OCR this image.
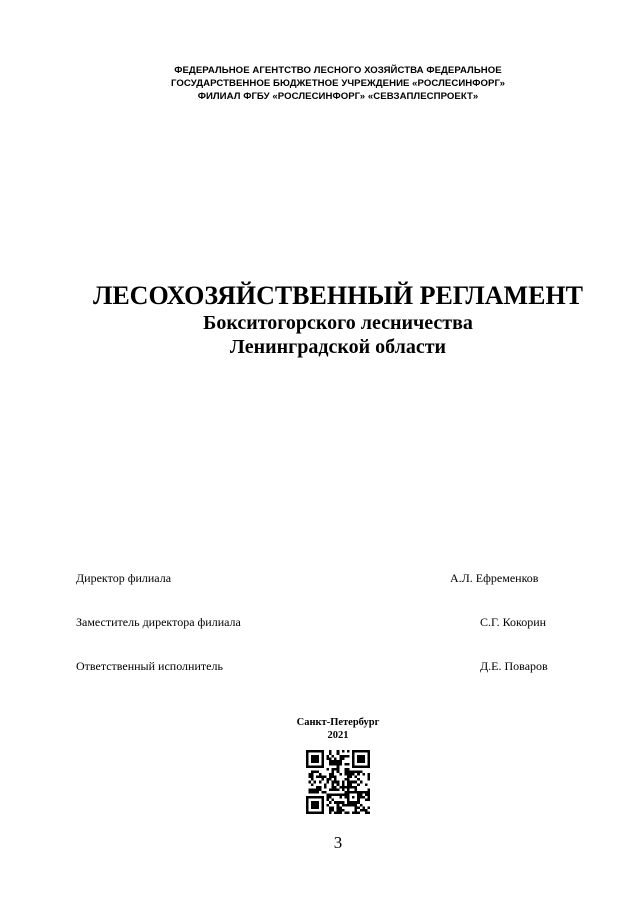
ФЕДЕРАЛЬНОЕ АГЕНТСТВО ЛЕСНОГО ХОЗЯЙСТВА ФЕДЕРАЛЬНОЕ
ГОСУДАРСТВЕННОЕ БЮДЖЕТНОЕ УЧРЕЖДЕНИЕ «РОСЛЕСИНФОРГ»
ФИЛИАЛ ФГБУ «РОСЛЕСИНФОРГ» «СЕВЗАПЛЕСПРОЕКТ»
ЛЕСОХОЗЯЙСТВЕННЫЙ РЕГЛАМЕНТ
Бокситогорского лесничества
Ленинградской области
Директор филиала	А.Л. Ефременков
Заместитель директора филиала	С.Г. Кокорин
Ответственный исполнитель	Д.Е. Поваров
Санкт-Петербург
2021
3
